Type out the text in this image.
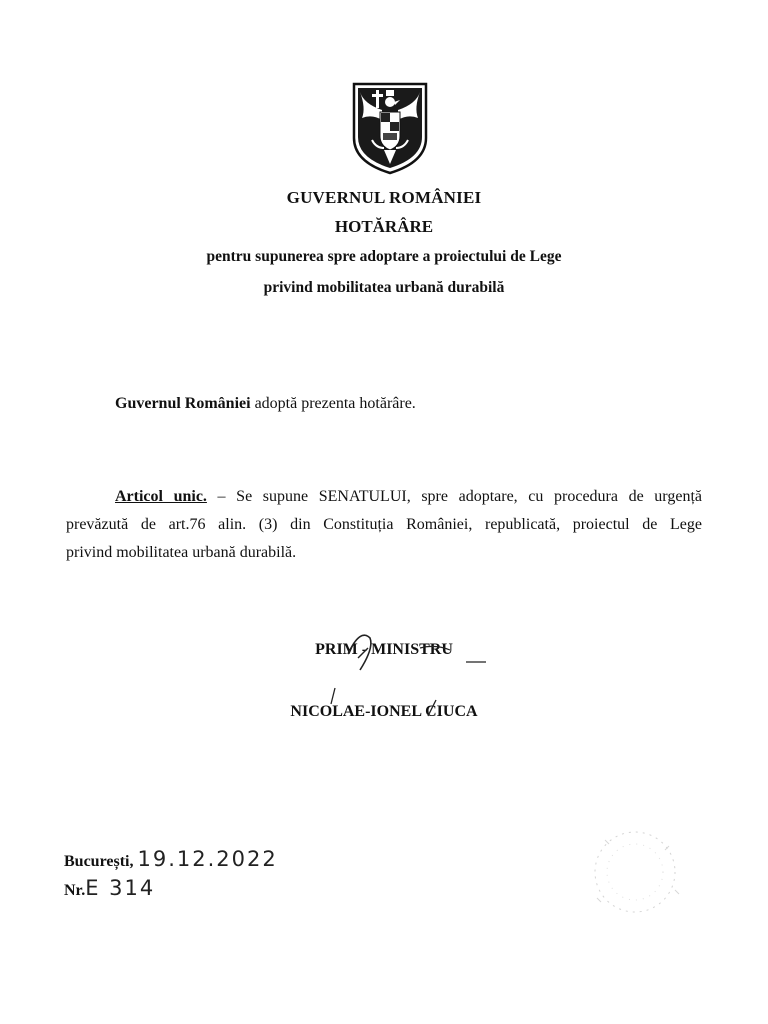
GUVERNUL ROMÂNIEI
HOTĂRÂRE
pentru supunerea spre adoptare a proiectului de Lege
privind mobilitatea urbană durabilă
Guvernul României adoptă prezenta hotărâre.
Articol unic. – Se supune SENATULUI, spre adoptare, cu procedura de urgență
prevăzută de art.76 alin. (3) din Constituția României, republicată, proiectul de Lege
privind mobilitatea urbană durabilă.
PRIM - MINISTRU
NICOLAE-IONEL CIUCA
București, 19.12.2022
Nr.E 314
